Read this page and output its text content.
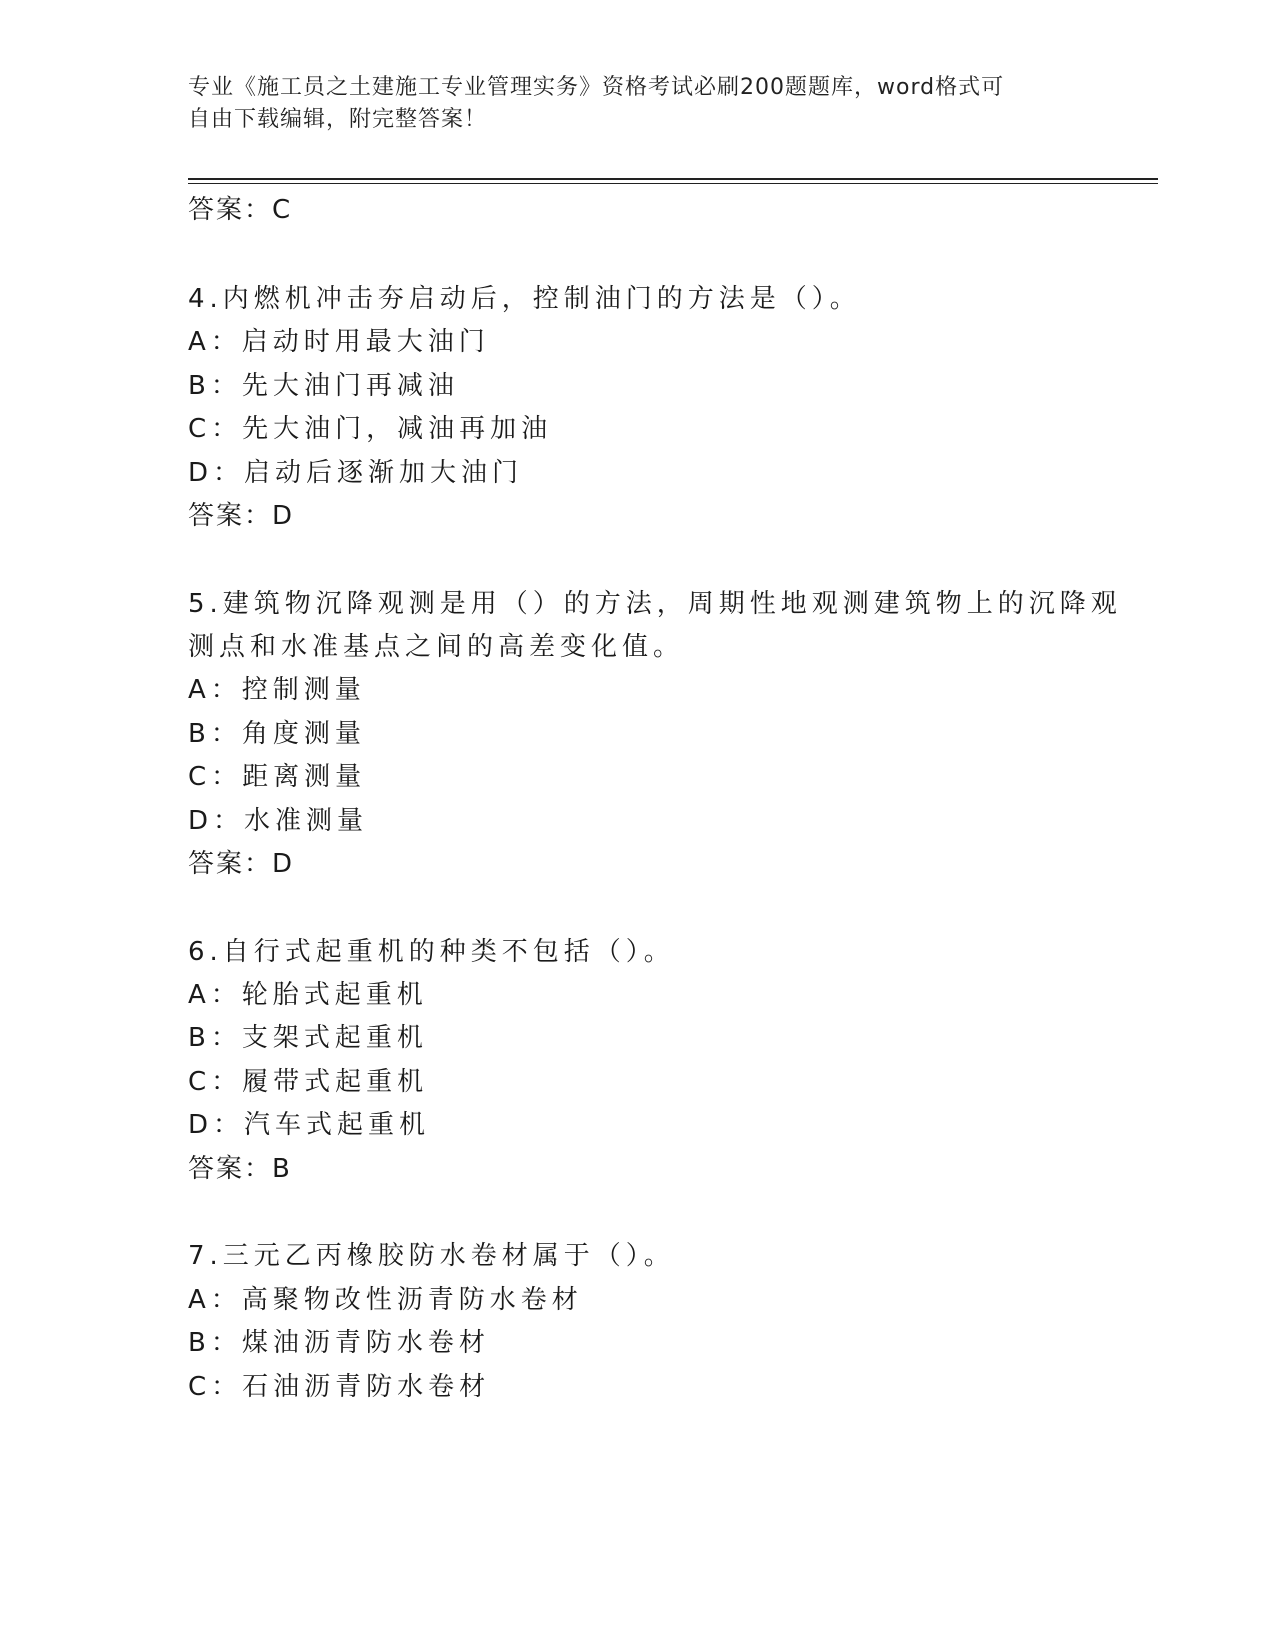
专业《施工员之土建施工专业管理实务》资格考试必刷200题题库，word格式可
自由下载编辑，附完整答案！
答案：C
4.内燃机冲击夯启动后，控制油门的方法是（）。
A：启动时用最大油门
B：先大油门再减油
C：先大油门，减油再加油
D：启动后逐渐加大油门
答案：D
5.建筑物沉降观测是用（）的方法，周期性地观测建筑物上的沉降观
测点和水准基点之间的高差变化值。
A：控制测量
B：角度测量
C：距离测量
D：水准测量
答案：D
6.自行式起重机的种类不包括（）。
A：轮胎式起重机
B：支架式起重机
C：履带式起重机
D：汽车式起重机
答案：B
7.三元乙丙橡胶防水卷材属于（）。
A：高聚物改性沥青防水卷材
B：煤油沥青防水卷材
C：石油沥青防水卷材
